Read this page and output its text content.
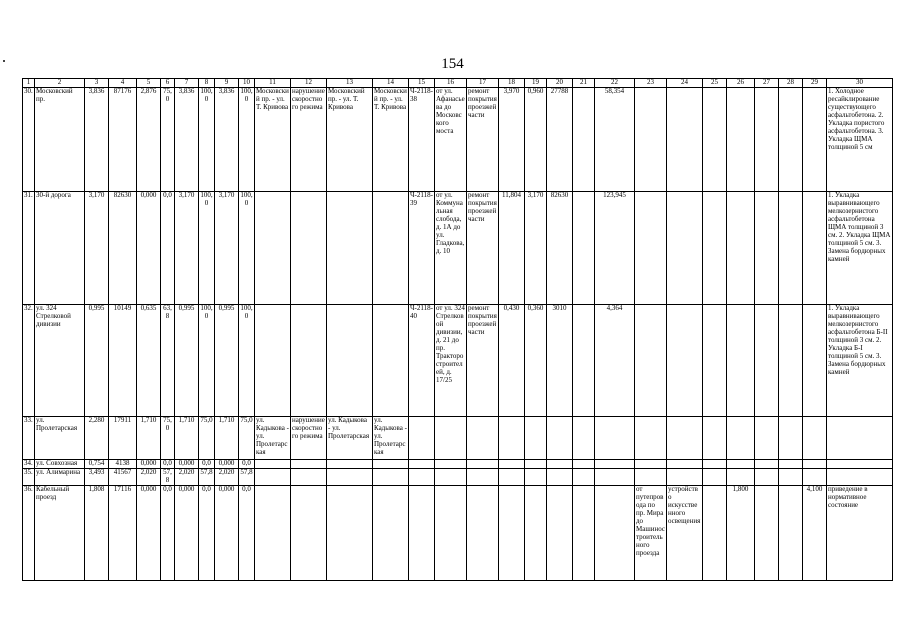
154
1	2	3	4	5	6	7	8	9	10	11	12	13	14	15	16	17	18	19	20	21	22	23	24	25	26	27	28	29	30
30.	Московский пр.	3,836	87176	2,876	75,0	3,836	100,0	3,836	100,0	Московский пр. - ул. Т. Кривова	нарушение скоростного режима	Московский пр. - ул. Т. Кривова	Московский пр. - ул. Т. Кривова	Ч-2118-38	от ул. Афанасьева до Московского моста	ремонт покрытия проезжей части	3,970	0,960	27788		58,354								1. Холодное ресайклирование существующего асфальтобетона. 2. Укладка пористого асфальтобетона. 3. Укладка ЩМА толщиной 5 см
31.	30-й дорога	3,170	82630	0,000	0,0	3,170	100,0	3,170	100,0					Ч-2118-39	от ул. Коммунальная слобода, д. 1А до ул. Гладкова, д. 10	ремонт покрытия проезжей части	11,804	3,170	82630		123,945								1. Укладка выравнивающего мелкозернистого асфальтобетона ЩМА толщиной 3 см. 2. Укладка ЩМА толщиной 5 см. 3. Замена бордюрных камней
32.	ул. 324 Стрелковой дивизии	0,995	10149	0,635	63,8	0,995	100,0	0,995	100,0					Ч-2118-40	от ул. 324 Стрелковой дивизии, д. 21 до пр. Тракторостроителей, д. 17/25	ремонт покрытия проезжей части	0,430	0,360	3010		4,364								1. Укладка выравнивающего мелкозернистого асфальтобетона Б-II толщиной 3 см. 2. Укладка Б-I толщиной 5 см. 3. Замена бордюрных камней
33.	ул. Пролетарская	2,280	17911	1,710	75,0	1,710	75,0	1,710	75,0	ул. Кадыкова - ул. Пролетарская	нарушение скоростного режима	ул. Кадыкова - ул. Пролетарская	ул. Кадыкова - ул. Пролетарская																
34.	ул. Совхозная	0,754	4138	0,000	0,0	0,000	0,0	0,000	0,0																				
35.	ул. Алимарина	3,493	41567	2,020	57,8	2,020	57,8	2,020	57,8																				
36.	Кабельный проезд	1,808	17116	0,000	0,0	0,000	0,0	0,000	0,0													от путепровода по пр. Мира до Машиностроительного проезда	устройство искусственного освещения		1,800			4,100	приведение в нормативное состояние
